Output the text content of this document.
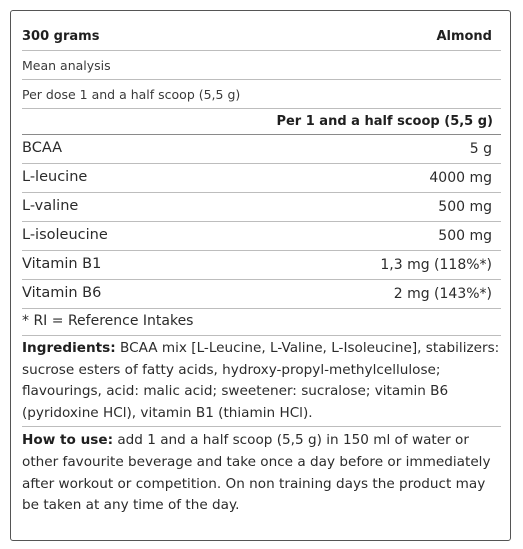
300 grams	Almond
Mean analysis
Per dose 1 and a half scoop (5,5 g)
Per 1 and a half scoop (5,5 g)
BCAA	5 g
L-leucine	4000 mg
L-valine	500 mg
L-isoleucine	500 mg
Vitamin B1	1,3 mg (118%*)
Vitamin B6	2 mg (143%*)
* RI = Reference Intakes
Ingredients: BCAA mix [L-Leucine, L-Valine, L-Isoleucine], stabilizers: sucrose esters of fatty acids, hydroxy-propyl-methylcellulose; flavourings, acid: malic acid; sweetener: sucralose; vitamin B6 (pyridoxine HCl), vitamin B1 (thiamin HCl).
How to use: add 1 and a half scoop (5,5 g) in 150 ml of water or other favourite beverage and take once a day before or immediately after workout or competition. On non training days the product may be taken at any time of the day.
